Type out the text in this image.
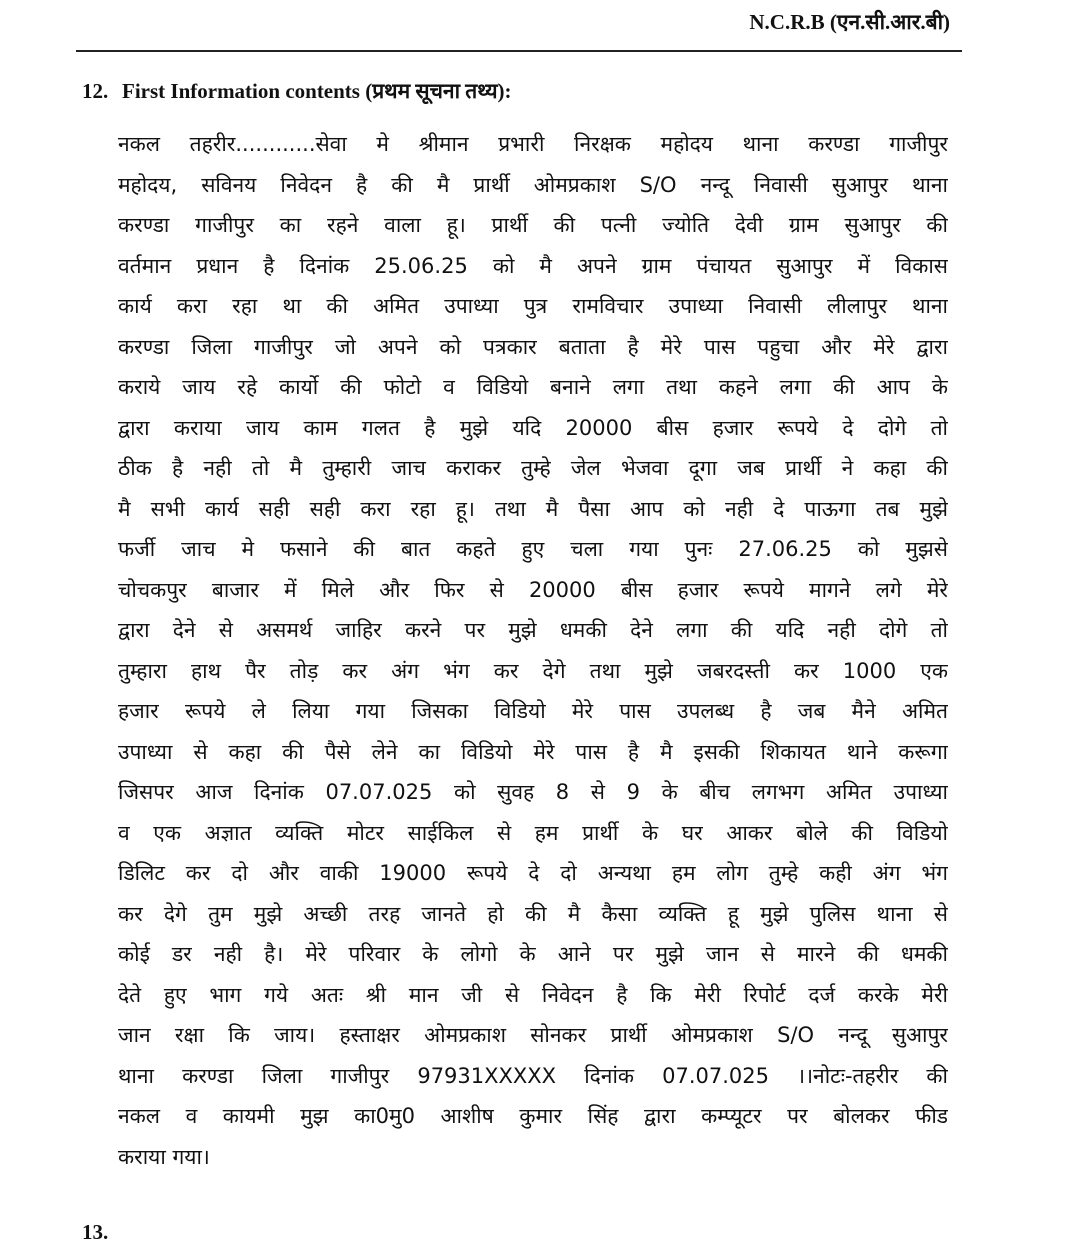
N.C.R.B (एन.सी.आर.बी)
12. First Information contents (प्रथम सूचना तथ्य):
नकल तहरीर............सेवा मे श्रीमान प्रभारी निरक्षक महोदय थाना करण्डा गाजीपुर
महोदय, सविनय निवेदन है की मै प्रार्थी ओमप्रकाश S/O नन्दू निवासी सुआपुर थाना
करण्डा गाजीपुर का रहने वाला हू। प्रार्थी की पत्नी ज्योति देवी ग्राम सुआपुर की
वर्तमान प्रधान है दिनांक 25.06.25 को मै अपने ग्राम पंचायत सुआपुर में विकास
कार्य करा रहा था की अमित उपाध्या पुत्र रामविचार उपाध्या निवासी लीलापुर थाना
करण्डा जिला गाजीपुर जो अपने को पत्रकार बताता है मेरे पास पहुचा और मेरे द्वारा
कराये जाय रहे कार्यो की फोटो व विडियो बनाने लगा तथा कहने लगा की आप के
द्वारा कराया जाय काम गलत है मुझे यदि 20000 बीस हजार रूपये दे दोगे तो
ठीक है नही तो मै तुम्हारी जाच कराकर तुम्हे जेल भेजवा दूगा जब प्रार्थी ने कहा की
मै सभी कार्य सही सही करा रहा हू। तथा मै पैसा आप को नही दे पाऊगा तब मुझे
फर्जी जाच मे फसाने की बात कहते हुए चला गया पुनः 27.06.25 को मुझसे
चोचकपुर बाजार में मिले और फिर से 20000 बीस हजार रूपये मागने लगे मेरे
द्वारा देने से असमर्थ जाहिर करने पर मुझे धमकी देने लगा की यदि नही दोगे तो
तुम्हारा हाथ पैर तोड़ कर अंग भंग कर देगे तथा मुझे जबरदस्ती कर 1000 एक
हजार रूपये ले लिया गया जिसका विडियो मेरे पास उपलब्ध है जब मैने अमित
उपाध्या से कहा की पैसे लेने का विडियो मेरे पास है मै इसकी शिकायत थाने करूगा
जिसपर आज दिनांक 07.07.025 को सुवह 8 से 9 के बीच लगभग अमित उपाध्या
व एक अज्ञात व्यक्ति मोटर साईकिल से हम प्रार्थी के घर आकर बोले की विडियो
डिलिट कर दो और वाकी 19000 रूपये दे दो अन्यथा हम लोग तुम्हे कही अंग भंग
कर देगे तुम मुझे अच्छी तरह जानते हो की मै कैसा व्यक्ति हू मुझे पुलिस थाना से
कोई डर नही है। मेरे परिवार के लोगो के आने पर मुझे जान से मारने की धमकी
देते हुए भाग गये अतः श्री मान जी से निवेदन है कि मेरी रिपोर्ट दर्ज करके मेरी
जान रक्षा कि जाय। हस्ताक्षर ओमप्रकाश सोनकर प्रार्थी ओमप्रकाश S/O नन्दू सुआपुर
थाना करण्डा जिला गाजीपुर 97931XXXXX दिनांक 07.07.025 ।।नोटः-तहरीर की
नकल व कायमी मुझ का0मु0 आशीष कुमार सिंह द्वारा कम्प्यूटर पर बोलकर फीड
कराया गया।
13.
